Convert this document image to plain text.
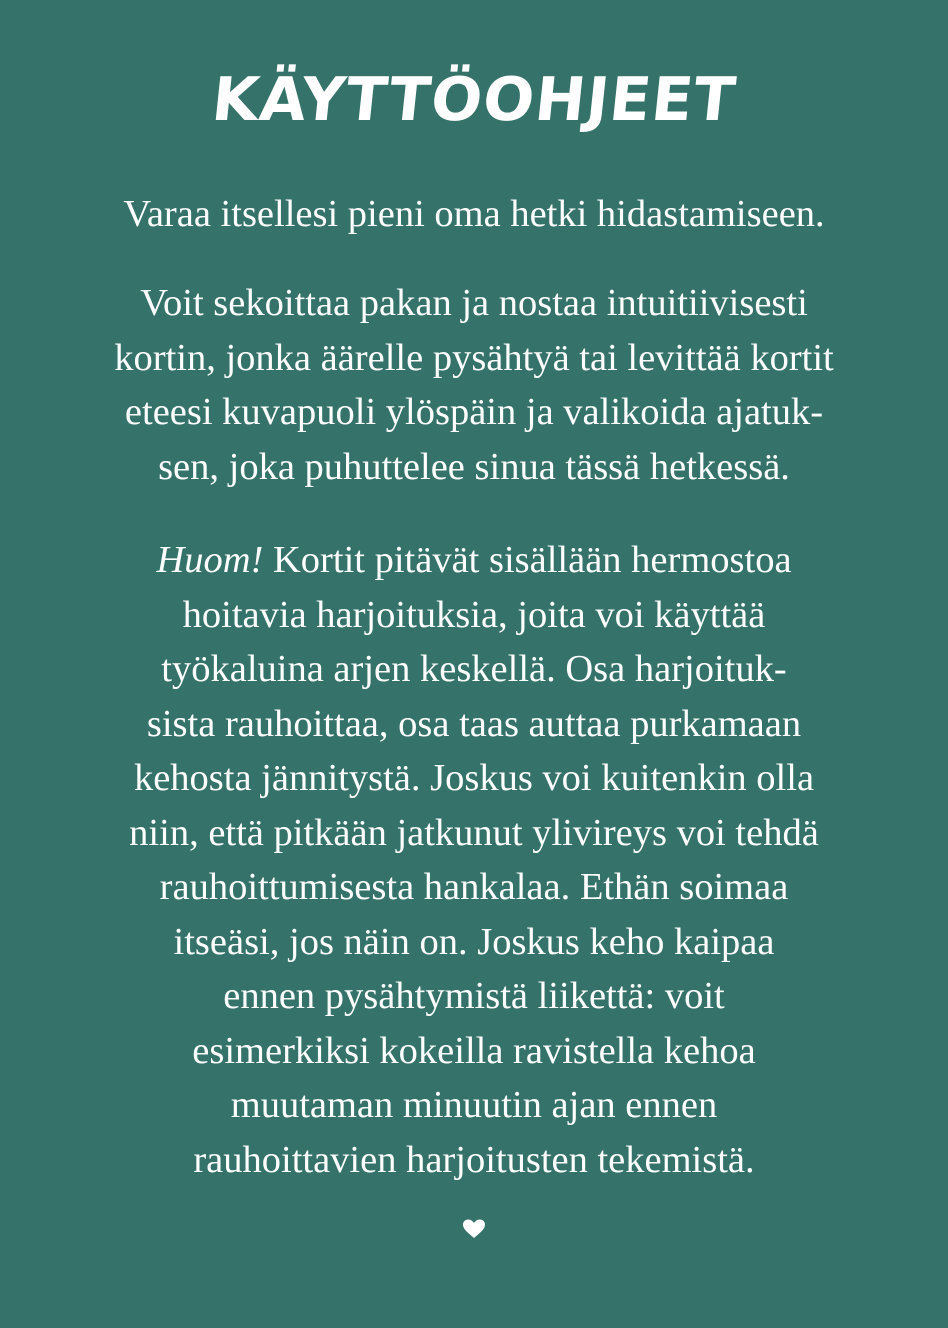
KÄYTTÖOHJEET
Varaa itsellesi pieni oma hetki hidastamiseen.
Voit sekoittaa pakan ja nostaa intuitiivisesti
kortin, jonka äärelle pysähtyä tai levittää kortit
eteesi kuvapuoli ylöspäin ja valikoida ajatuk-
sen, joka puhuttelee sinua tässä hetkessä.
Huom! Kortit pitävät sisällään hermostoa
hoitavia harjoituksia, joita voi käyttää
työkaluina arjen keskellä. Osa harjoituk-
sista rauhoittaa, osa taas auttaa purkamaan
kehosta jännitystä. Joskus voi kuitenkin olla
niin, että pitkään jatkunut ylivireys voi tehdä
rauhoittumisesta hankalaa. Ethän soimaa
itseäsi, jos näin on. Joskus keho kaipaa
ennen pysähtymistä liikettä: voit
esimerkiksi kokeilla ravistella kehoa
muutaman minuutin ajan ennen
rauhoittavien harjoitusten tekemistä.
